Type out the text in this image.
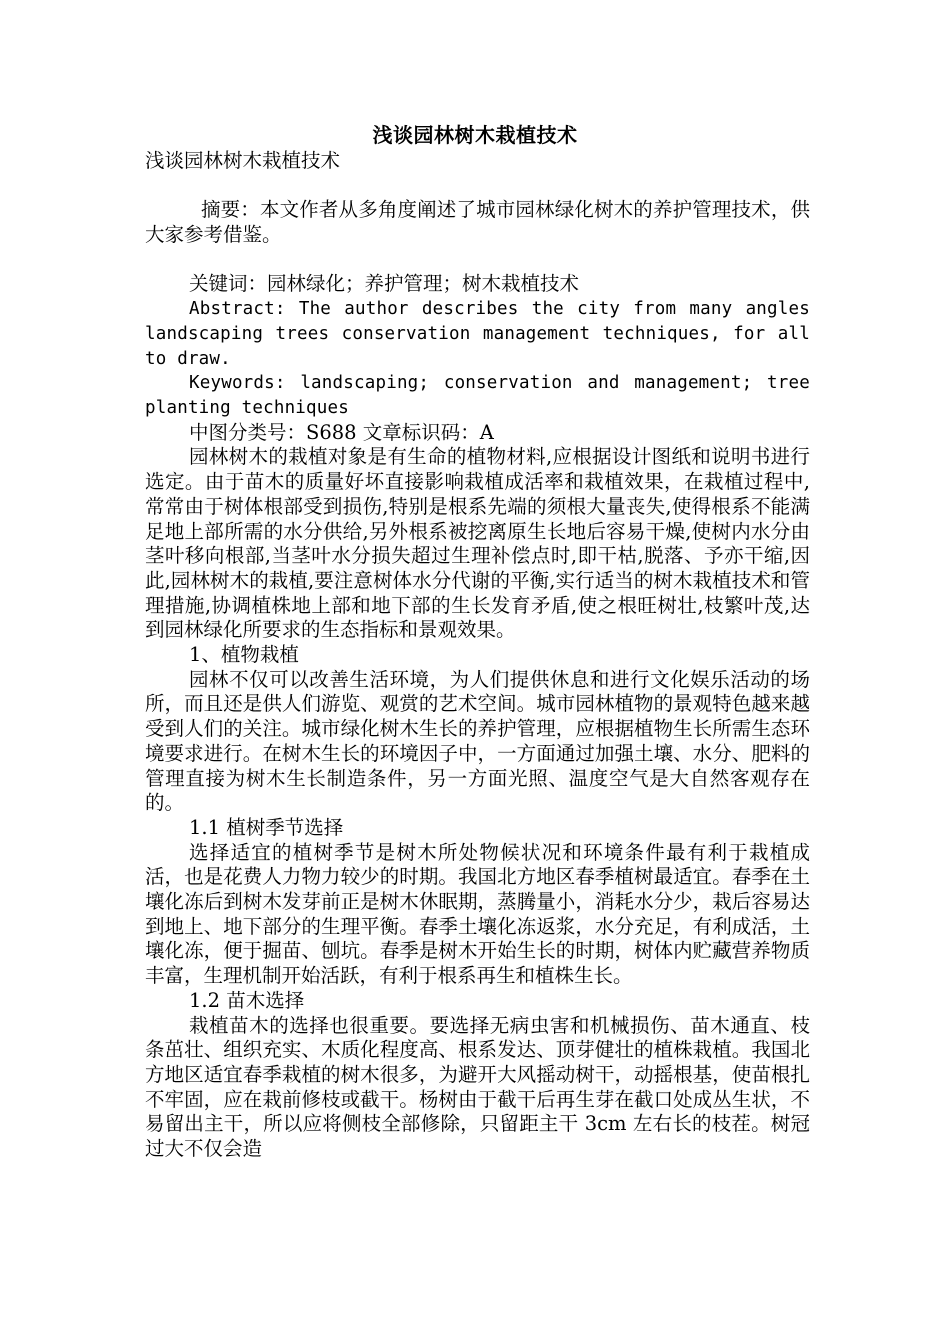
浅谈园林树木栽植技术

浅谈园林树木栽植技术

摘要：本文作者从多角度阐述了城市园林绿化树木的养护管理技术，供大家参考借鉴。

关键词：园林绿化；养护管理；树木栽植技术

Abstract: The author describes the city from many angles landscaping trees conservation management techniques, for all to draw.

Keywords: landscaping; conservation and management; tree planting techniques

中图分类号：S688 文章标识码：A

园林树木的栽植对象是有生命的植物材料,应根据设计图纸和说明书进行选定。由于苗木的质量好坏直接影响栽植成活率和栽植效果，在栽植过程中,常常由于树体根部受到损伤,特别是根系先端的须根大量丧失,使得根系不能满足地上部所需的水分供给,另外根系被挖离原生长地后容易干燥,使树内水分由茎叶移向根部,当茎叶水分损失超过生理补偿点时,即干枯,脱落、予亦干缩,因此,园林树木的栽植,要注意树体水分代谢的平衡,实行适当的树木栽植技术和管理措施,协调植株地上部和地下部的生长发育矛盾,使之根旺树壮,枝繁叶茂,达到园林绿化所要求的生态指标和景观效果。

1、植物栽植

园林不仅可以改善生活环境，为人们提供休息和进行文化娱乐活动的场所，而且还是供人们游览、观赏的艺术空间。城市园林植物的景观特色越来越受到人们的关注。城市绿化树木生长的养护管理，应根据植物生长所需生态环境要求进行。在树木生长的环境因子中，一方面通过加强土壤、水分、肥料的管理直接为树木生长制造条件，另一方面光照、温度空气是大自然客观存在的。

1.1 植树季节选择

选择适宜的植树季节是树木所处物候状况和环境条件最有利于栽植成活，也是花费人力物力较少的时期。我国北方地区春季植树最适宜。春季在土壤化冻后到树木发芽前正是树木休眠期，蒸腾量小，消耗水分少，栽后容易达到地上、地下部分的生理平衡。春季土壤化冻返浆，水分充足，有利成活，土壤化冻，便于掘苗、刨坑。春季是树木开始生长的时期，树体内贮藏营养物质丰富，生理机制开始活跃，有利于根系再生和植株生长。

1.2 苗木选择

栽植苗木的选择也很重要。要选择无病虫害和机械损伤、苗木通直、枝条茁壮、组织充实、木质化程度高、根系发达、顶芽健壮的植株栽植。我国北方地区适宜春季栽植的树木很多，为避开大风摇动树干，动摇根基，使苗根扎不牢固，应在栽前修枝或截干。杨树由于截干后再生芽在截口处成丛生状，不易留出主干，所以应将侧枝全部修除，只留距主干 3cm 左右长的枝茬。树冠过大不仅会造
